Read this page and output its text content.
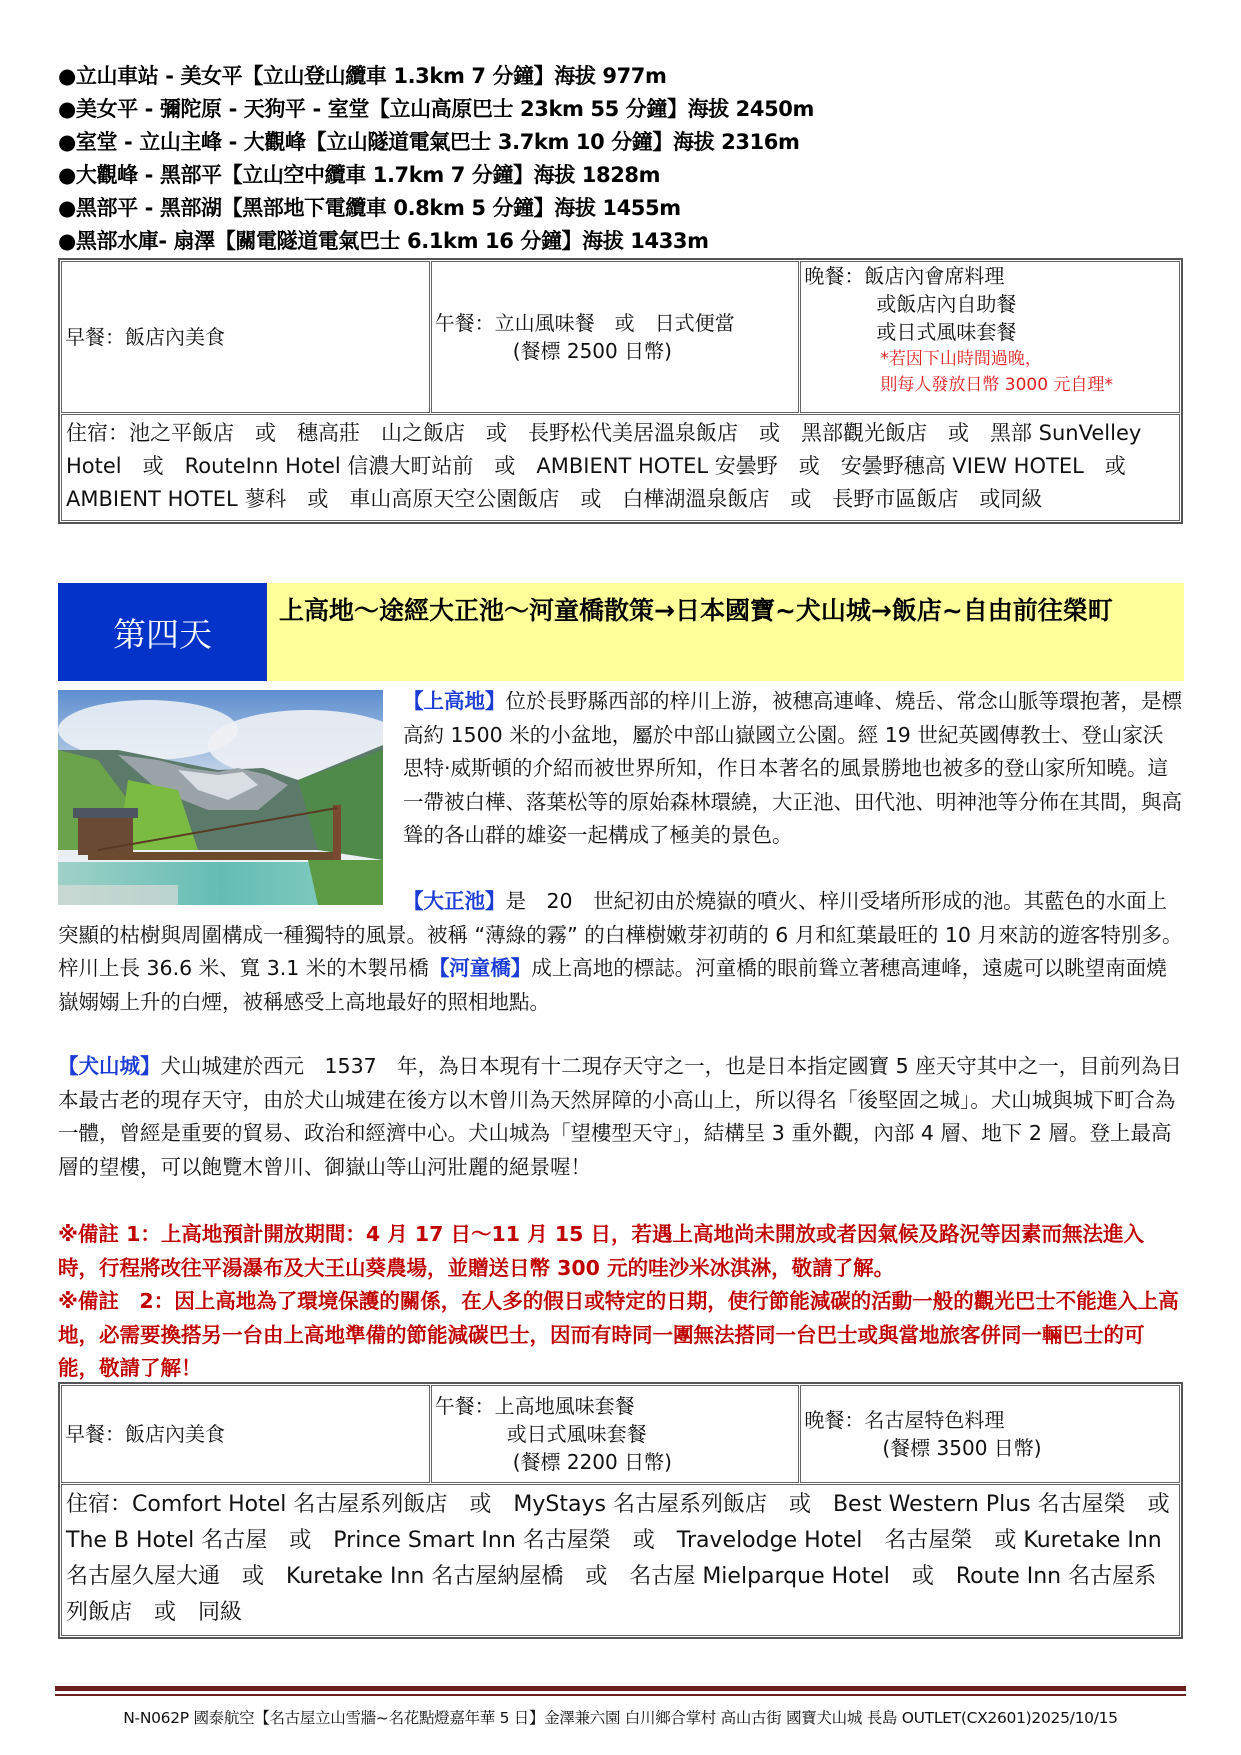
●立山車站 - 美女平【立山登山纜車 1.3km 7 分鐘】海拔 977m
●美女平 - 彌陀原 - 天狗平 - 室堂【立山高原巴士 23km 55 分鐘】海拔 2450m
●室堂 - 立山主峰 - 大觀峰【立山隧道電氣巴士 3.7km 10 分鐘】海拔 2316m
●大觀峰 - 黑部平【立山空中纜車 1.7km 7 分鐘】海拔 1828m
●黑部平 - 黑部湖【黑部地下電纜車 0.8km 5 分鐘】海拔 1455m
●黑部水庫- 扇澤【關電隧道電氣巴士 6.1km 16 分鐘】海拔 1433m
早餐：飯店內美食	
午餐：立山風味餐　或　日式便當
(餐標 2500 日幣)

晚餐：飯店內會席料理
或飯店內自助餐
或日式風味套餐
*若因下山時間過晚，
則每人發放日幣 3000 元自理*

住宿：池之平飯店　或　穗高莊　山之飯店　或　長野松代美居溫泉飯店　或　黑部觀光飯店　或　黑部 SunVelley Hotel　或　RouteInn Hotel 信濃大町站前　或　AMBIENT HOTEL 安曇野　或　安曇野穗高 VIEW HOTEL　或　AMBIENT HOTEL 蓼科　或　車山高原天空公園飯店　或　白樺湖溫泉飯店　或　長野市區飯店　或同級
第四天
上高地～途經大正池～河童橋散策→日本國寶~犬山城→飯店~自由前往榮町
【上高地】位於長野縣西部的梓川上游，被穗高連峰、燒岳、常念山脈等環抱著，是標高約 1500 米的小盆地，屬於中部山嶽國立公園。經 19 世紀英國傳教士、登山家沃思特‧威斯頓的介紹而被世界所知，作日本著名的風景勝地也被多的登山家所知曉。這一帶被白樺、落葉松等的原始森林環繞，大正池、田代池、明神池等分佈在其間，與高聳的各山群的雄姿一起構成了極美的景色。
【大正池】是　20　世紀初由於燒嶽的噴火、梓川受堵所形成的池。其藍色的水面上突顯的枯樹與周圍構成一種獨特的風景。被稱 “薄綠的霧” 的白樺樹嫩芽初萌的 6 月和紅葉最旺的 10 月來訪的遊客特別多。梓川上長 36.6 米、寬 3.1 米的木製吊橋【河童橋】成上高地的標誌。河童橋的眼前聳立著穗高連峰，遠處可以眺望南面燒嶽嫋嫋上升的白煙，被稱感受上高地最好的照相地點。
【犬山城】犬山城建於西元　1537　年，為日本現有十二現存天守之一，也是日本指定國寶 5 座天守其中之一，目前列為日本最古老的現存天守，由於犬山城建在後方以木曾川為天然屏障的小高山上，所以得名「後堅固之城」。犬山城與城下町合為一體，曾經是重要的貿易、政治和經濟中心。犬山城為「望樓型天守」，結構呈 3 重外觀，內部 4 層、地下 2 層。登上最高層的望樓，可以飽覽木曾川、御嶽山等山河壯麗的絕景喔！
※備註 1：上高地預計開放期間：4 月 17 日～11 月 15 日，若遇上高地尚未開放或者因氣候及路況等因素而無法進入時，行程將改往平湯瀑布及大王山葵農場，並贈送日幣 300 元的哇沙米冰淇淋，敬請了解。
※備註　2：因上高地為了環境保護的關係，在人多的假日或特定的日期，使行節能減碳的活動一般的觀光巴士不能進入上高地，必需要換搭另一台由上高地準備的節能減碳巴士，因而有時同一團無法搭同一台巴士或與當地旅客併同一輛巴士的可能，敬請了解！
早餐：飯店內美食	
午餐：上高地風味套餐
或日式風味套餐
(餐標 2200 日幣)

晚餐：名古屋特色料理
(餐標 3500 日幣)

住宿：Comfort Hotel 名古屋系列飯店　或　MyStays 名古屋系列飯店　或　Best Western Plus 名古屋榮　或　The B Hotel 名古屋　或　Prince Smart Inn 名古屋榮　或　Travelodge Hotel　名古屋榮　或 Kuretake Inn 名古屋久屋大通　或　Kuretake Inn 名古屋納屋橋　或　名古屋 Mielparque Hotel　或　Route Inn 名古屋系列飯店　或　同級
N-N062P 國泰航空【名古屋立山雪牆~名花點燈嘉年華 5 日】金澤兼六園 白川鄉合掌村 高山古街 國寶犬山城 長島 OUTLET(CX2601)2025/10/15
